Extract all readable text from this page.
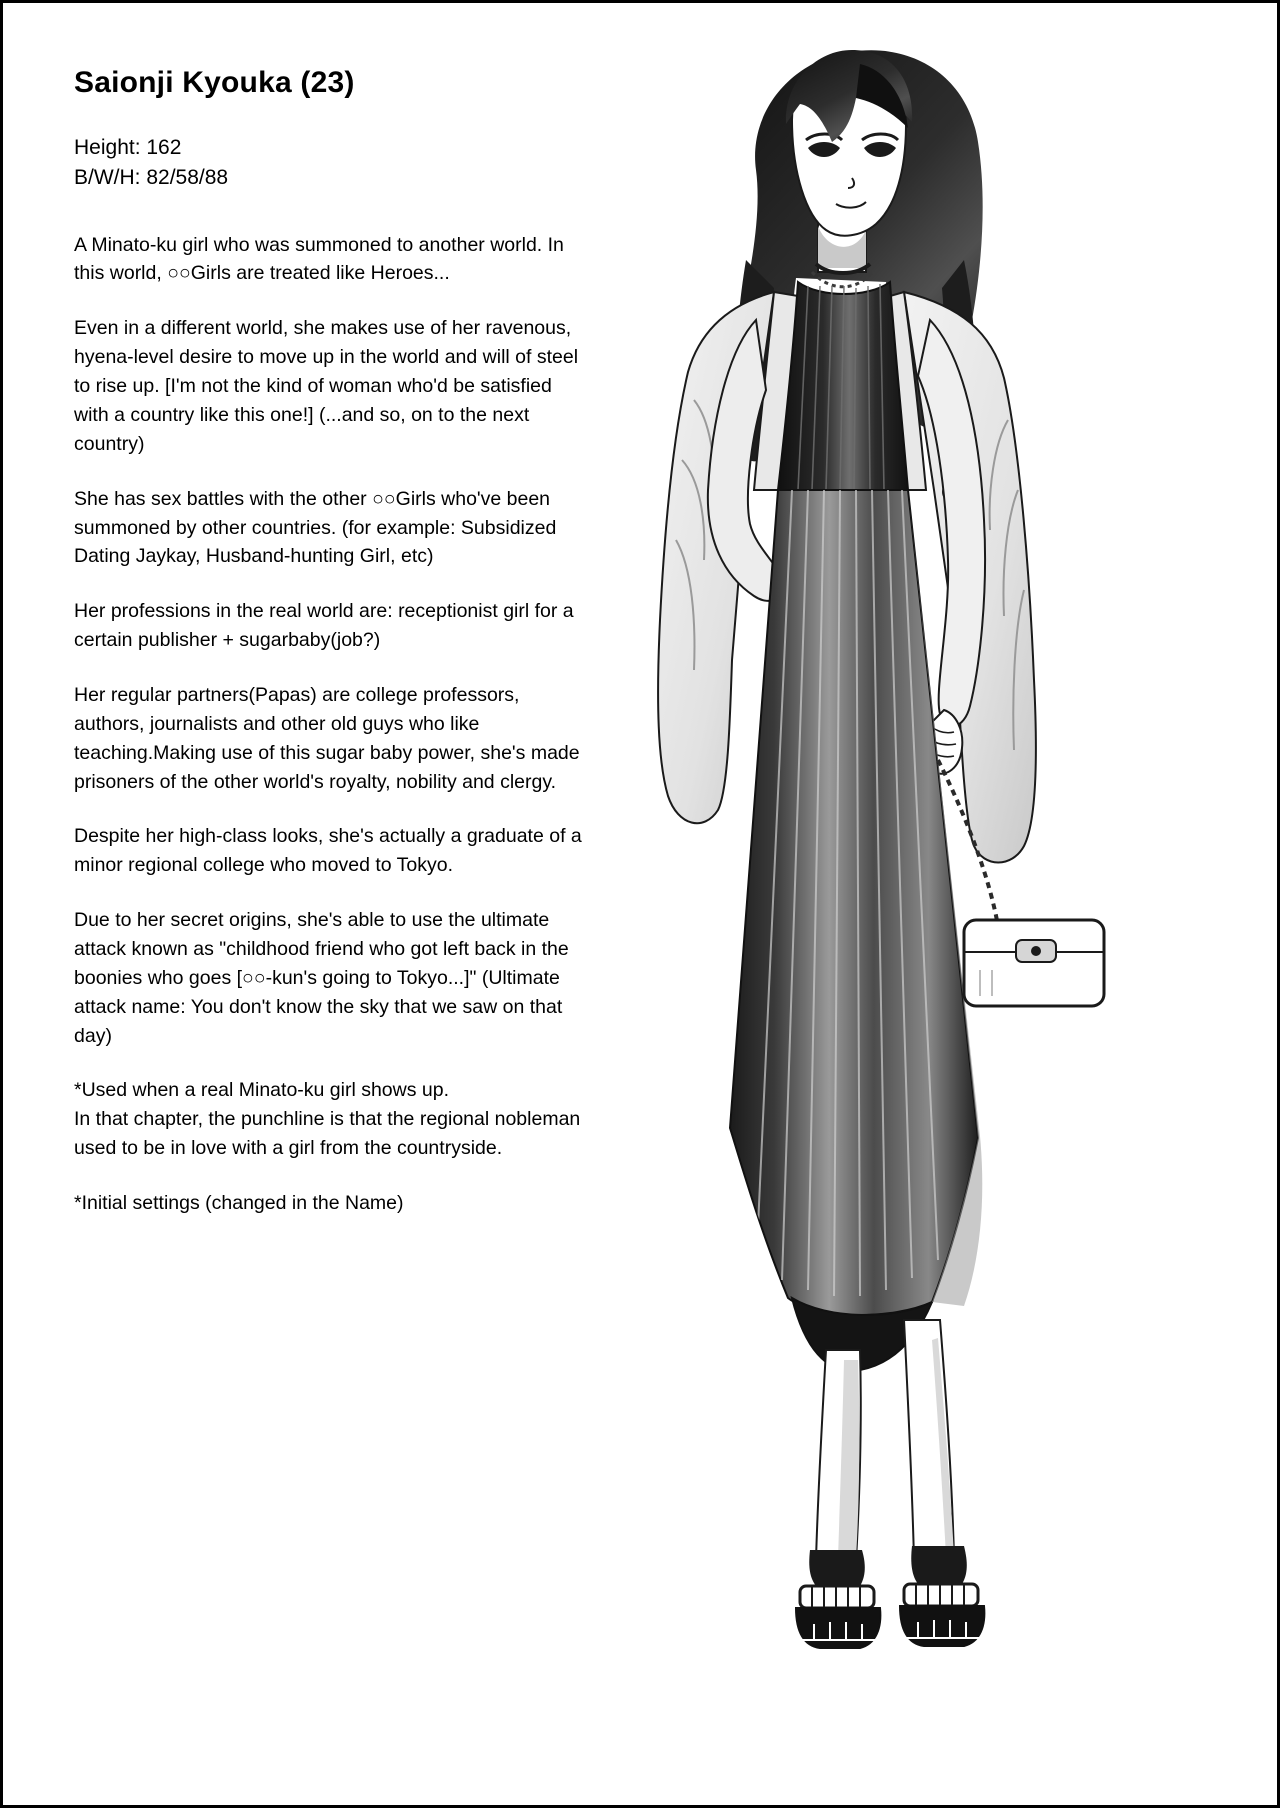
Saionji Kyouka (23)
Height: 162
B/W/H: 82/58/88

A Minato-ku girl who was summoned to another world. In this world, ○○Girls are treated like Heroes...

Even in a different world, she makes use of her ravenous, hyena-level desire to move up in the world and will of steel to rise up. [I'm not the kind of woman who'd be satisfied with a country like this one!] (...and so, on to the next country)

She has sex battles with the other ○○Girls who've been summoned by other countries. (for example: Subsidized Dating Jaykay, Husband-hunting Girl, etc)

Her professions in the real world are: receptionist girl for a certain publisher + sugarbaby(job?)

Her regular partners(Papas) are college professors, authors, journalists and other old guys who like teaching.Making use of this sugar baby power, she's made prisoners of the other world's royalty, nobility and clergy.

Despite her high-class looks, she's actually a graduate of a minor regional college who moved to Tokyo.

Due to her secret origins, she's able to use the ultimate attack known as "childhood friend who got left back in the boonies who goes [○○-kun's going to Tokyo...]" (Ultimate attack name: You don't know the sky that we saw on that day)

*Used when a real Minato-ku girl shows up.
In that chapter, the punchline is that the regional nobleman used to be in love with a girl from the countryside.

*Initial settings (changed in the Name)
